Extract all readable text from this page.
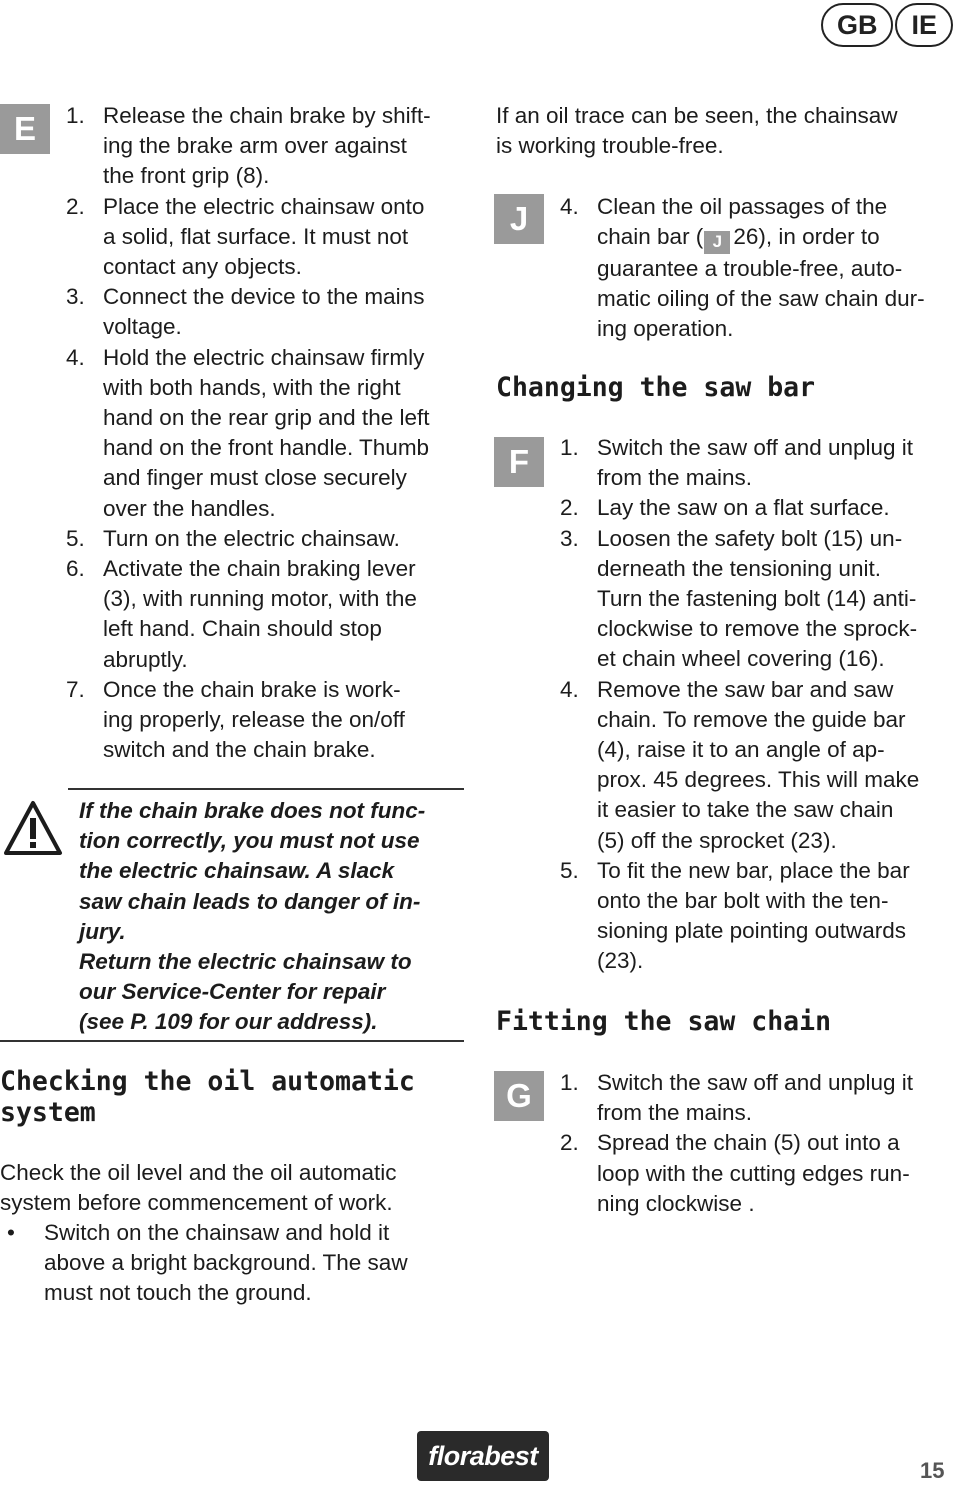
GB	IE
E	1. Release the chain brake by shift-
ing the brake arm over against
the front grip (8).
2. Place the electric chainsaw onto
a solid, flat surface. It must not
contact any objects.
3. Connect the device to the mains
voltage.
4. Hold the electric chainsaw firmly
with both hands, with the right
hand on the rear grip and the left
hand on the front handle. Thumb
and finger must close securely
over the handles.
5. Turn on the electric chainsaw.
6. Activate the chain braking lever
(3), with running motor, with the
left hand. Chain should stop
abruptly.
7. Once the chain brake is work-
ing properly, release the on/off
switch and the chain brake.
If the chain brake does not func-
tion correctly, you must not use
the electric chainsaw. A slack
saw chain leads to danger of in-
jury.
Return the electric chainsaw to
our Service-Center for repair
(see P. 109 for our address).
Checking the oil automatic
system
Check the oil level and the oil automatic
system before commencement of work.
• Switch on the chainsaw and hold it
above a bright background. The saw
must not touch the ground.
If an oil trace can be seen, the chainsaw
is working trouble-free.
J	4. Clean the oil passages of the
chain bar ( J 26), in order to
guarantee a trouble-free, auto-
matic oiling of the saw chain dur-
ing operation.
Changing the saw bar
F	1. Switch the saw off and unplug it
from the mains.
2. Lay the saw on a flat surface.
3. Loosen the safety bolt (15) un-
derneath the tensioning unit.
Turn the fastening bolt (14) anti-
clockwise to remove the sprock-
et chain wheel covering (16).
4. Remove the saw bar and saw
chain. To remove the guide bar
(4), raise it to an angle of ap-
prox. 45 degrees. This will make
it easier to take the saw chain
(5) off the sprocket (23).
5. To fit the new bar, place the bar
onto the bar bolt with the ten-
sioning plate pointing outwards
(23).
Fitting the saw chain
G	1. Switch the saw off and unplug it
from the mains.
2. Spread the chain (5) out into a
loop with the cutting edges run-
ning clockwise .
florabest	15
